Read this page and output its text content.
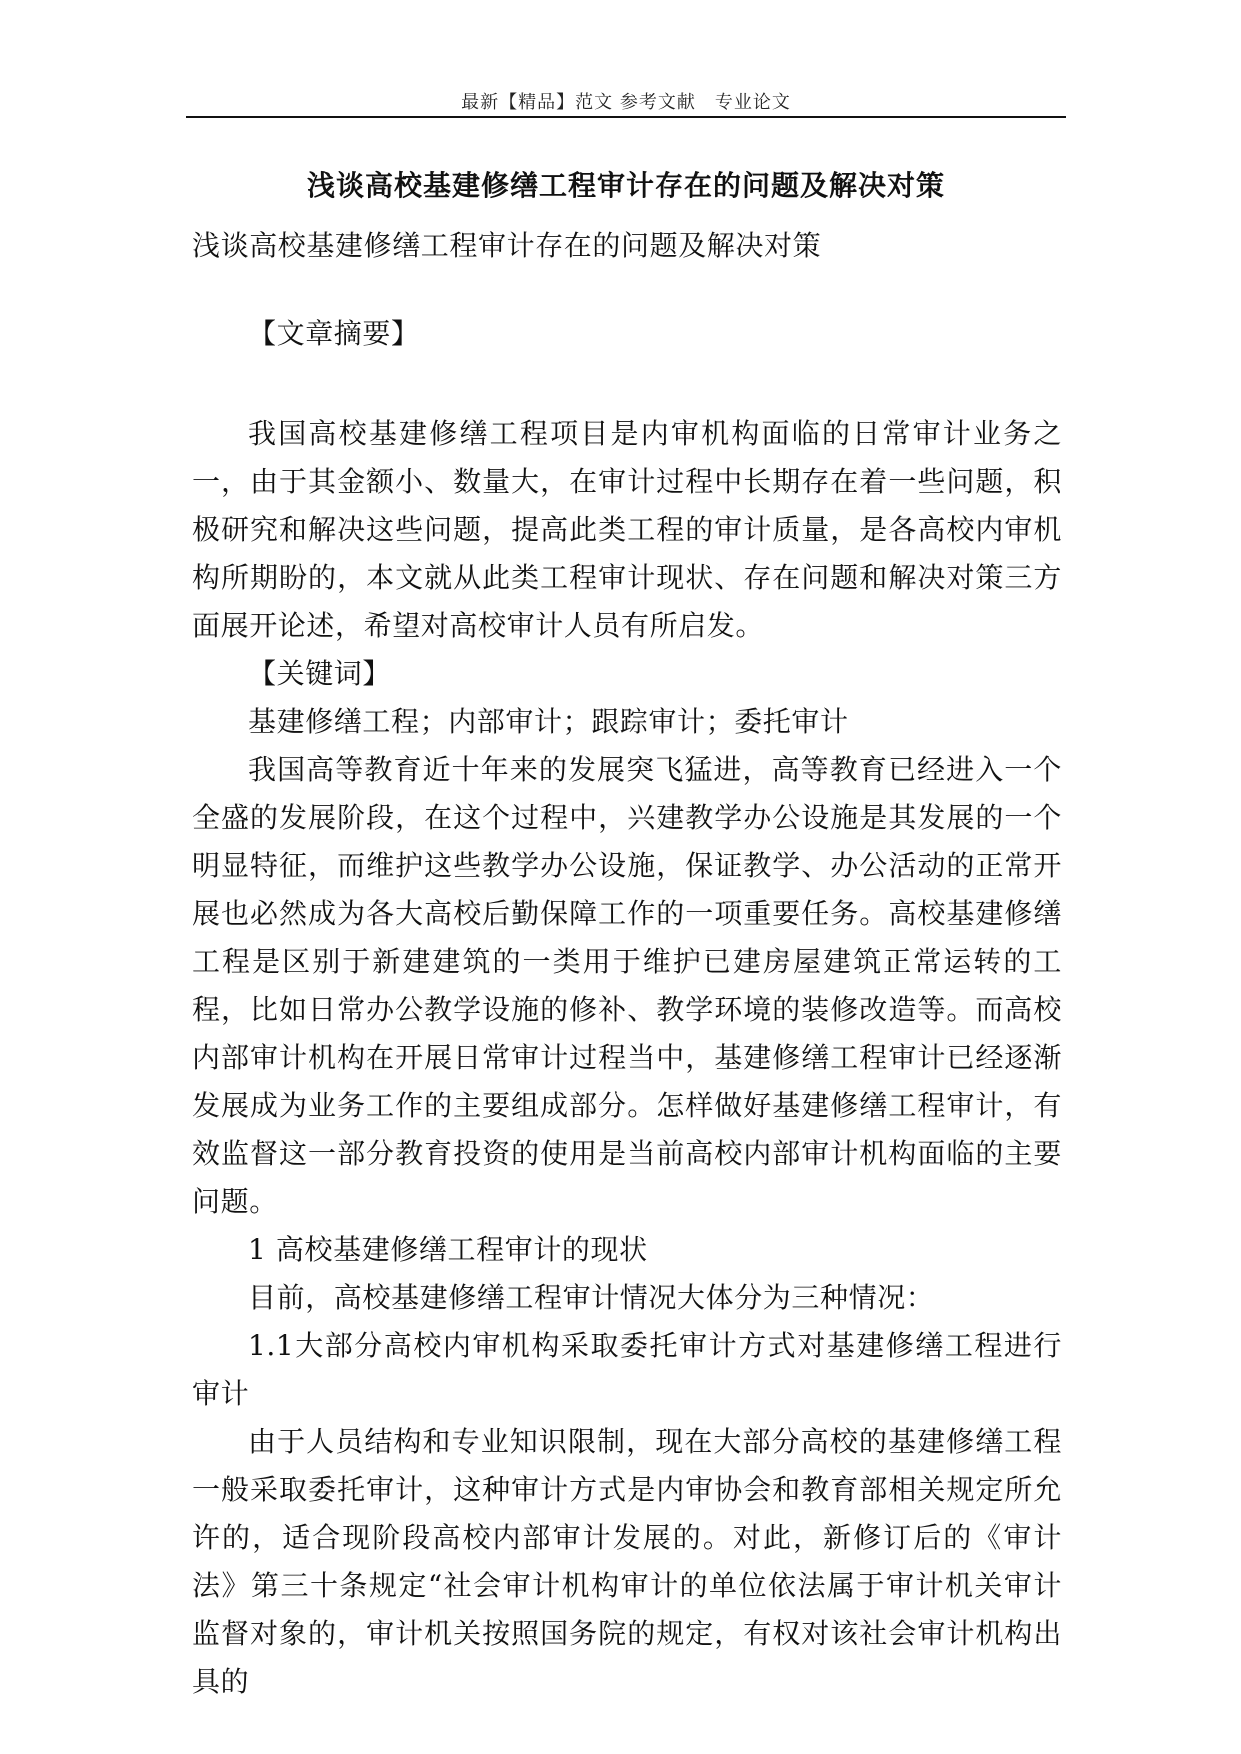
最新【精品】范文 参考文献　专业论文
浅谈高校基建修缮工程审计存在的问题及解决对策

浅谈高校基建修缮工程审计存在的问题及解决对策

【文章摘要】

我国高校基建修缮工程项目是内审机构面临的日常审计业务之一，由于其金额小、数量大，在审计过程中长期存在着一些问题，积极研究和解决这些问题，提高此类工程的审计质量，是各高校内审机构所期盼的，本文就从此类工程审计现状、存在问题和解决对策三方面展开论述，希望对高校审计人员有所启发。

【关键词】

基建修缮工程；内部审计；跟踪审计；委托审计

我国高等教育近十年来的发展突飞猛进，高等教育已经进入一个全盛的发展阶段，在这个过程中，兴建教学办公设施是其发展的一个明显特征，而维护这些教学办公设施，保证教学、办公活动的正常开展也必然成为各大高校后勤保障工作的一项重要任务。高校基建修缮工程是区别于新建建筑的一类用于维护已建房屋建筑正常运转的工程，比如日常办公教学设施的修补、教学环境的装修改造等。而高校内部审计机构在开展日常审计过程当中，基建修缮工程审计已经逐渐发展成为业务工作的主要组成部分。怎样做好基建修缮工程审计，有效监督这一部分教育投资的使用是当前高校内部审计机构面临的主要问题。

1 高校基建修缮工程审计的现状

目前，高校基建修缮工程审计情况大体分为三种情况：

1.1大部分高校内审机构采取委托审计方式对基建修缮工程进行审计

由于人员结构和专业知识限制，现在大部分高校的基建修缮工程一般采取委托审计，这种审计方式是内审协会和教育部相关规定所允许的，适合现阶段高校内部审计发展的。对此，新修订后的《审计法》第三十条规定“社会审计机构审计的单位依法属于审计机关审计监督对象的，审计机关按照国务院的规定，有权对该社会审计机构出具的
